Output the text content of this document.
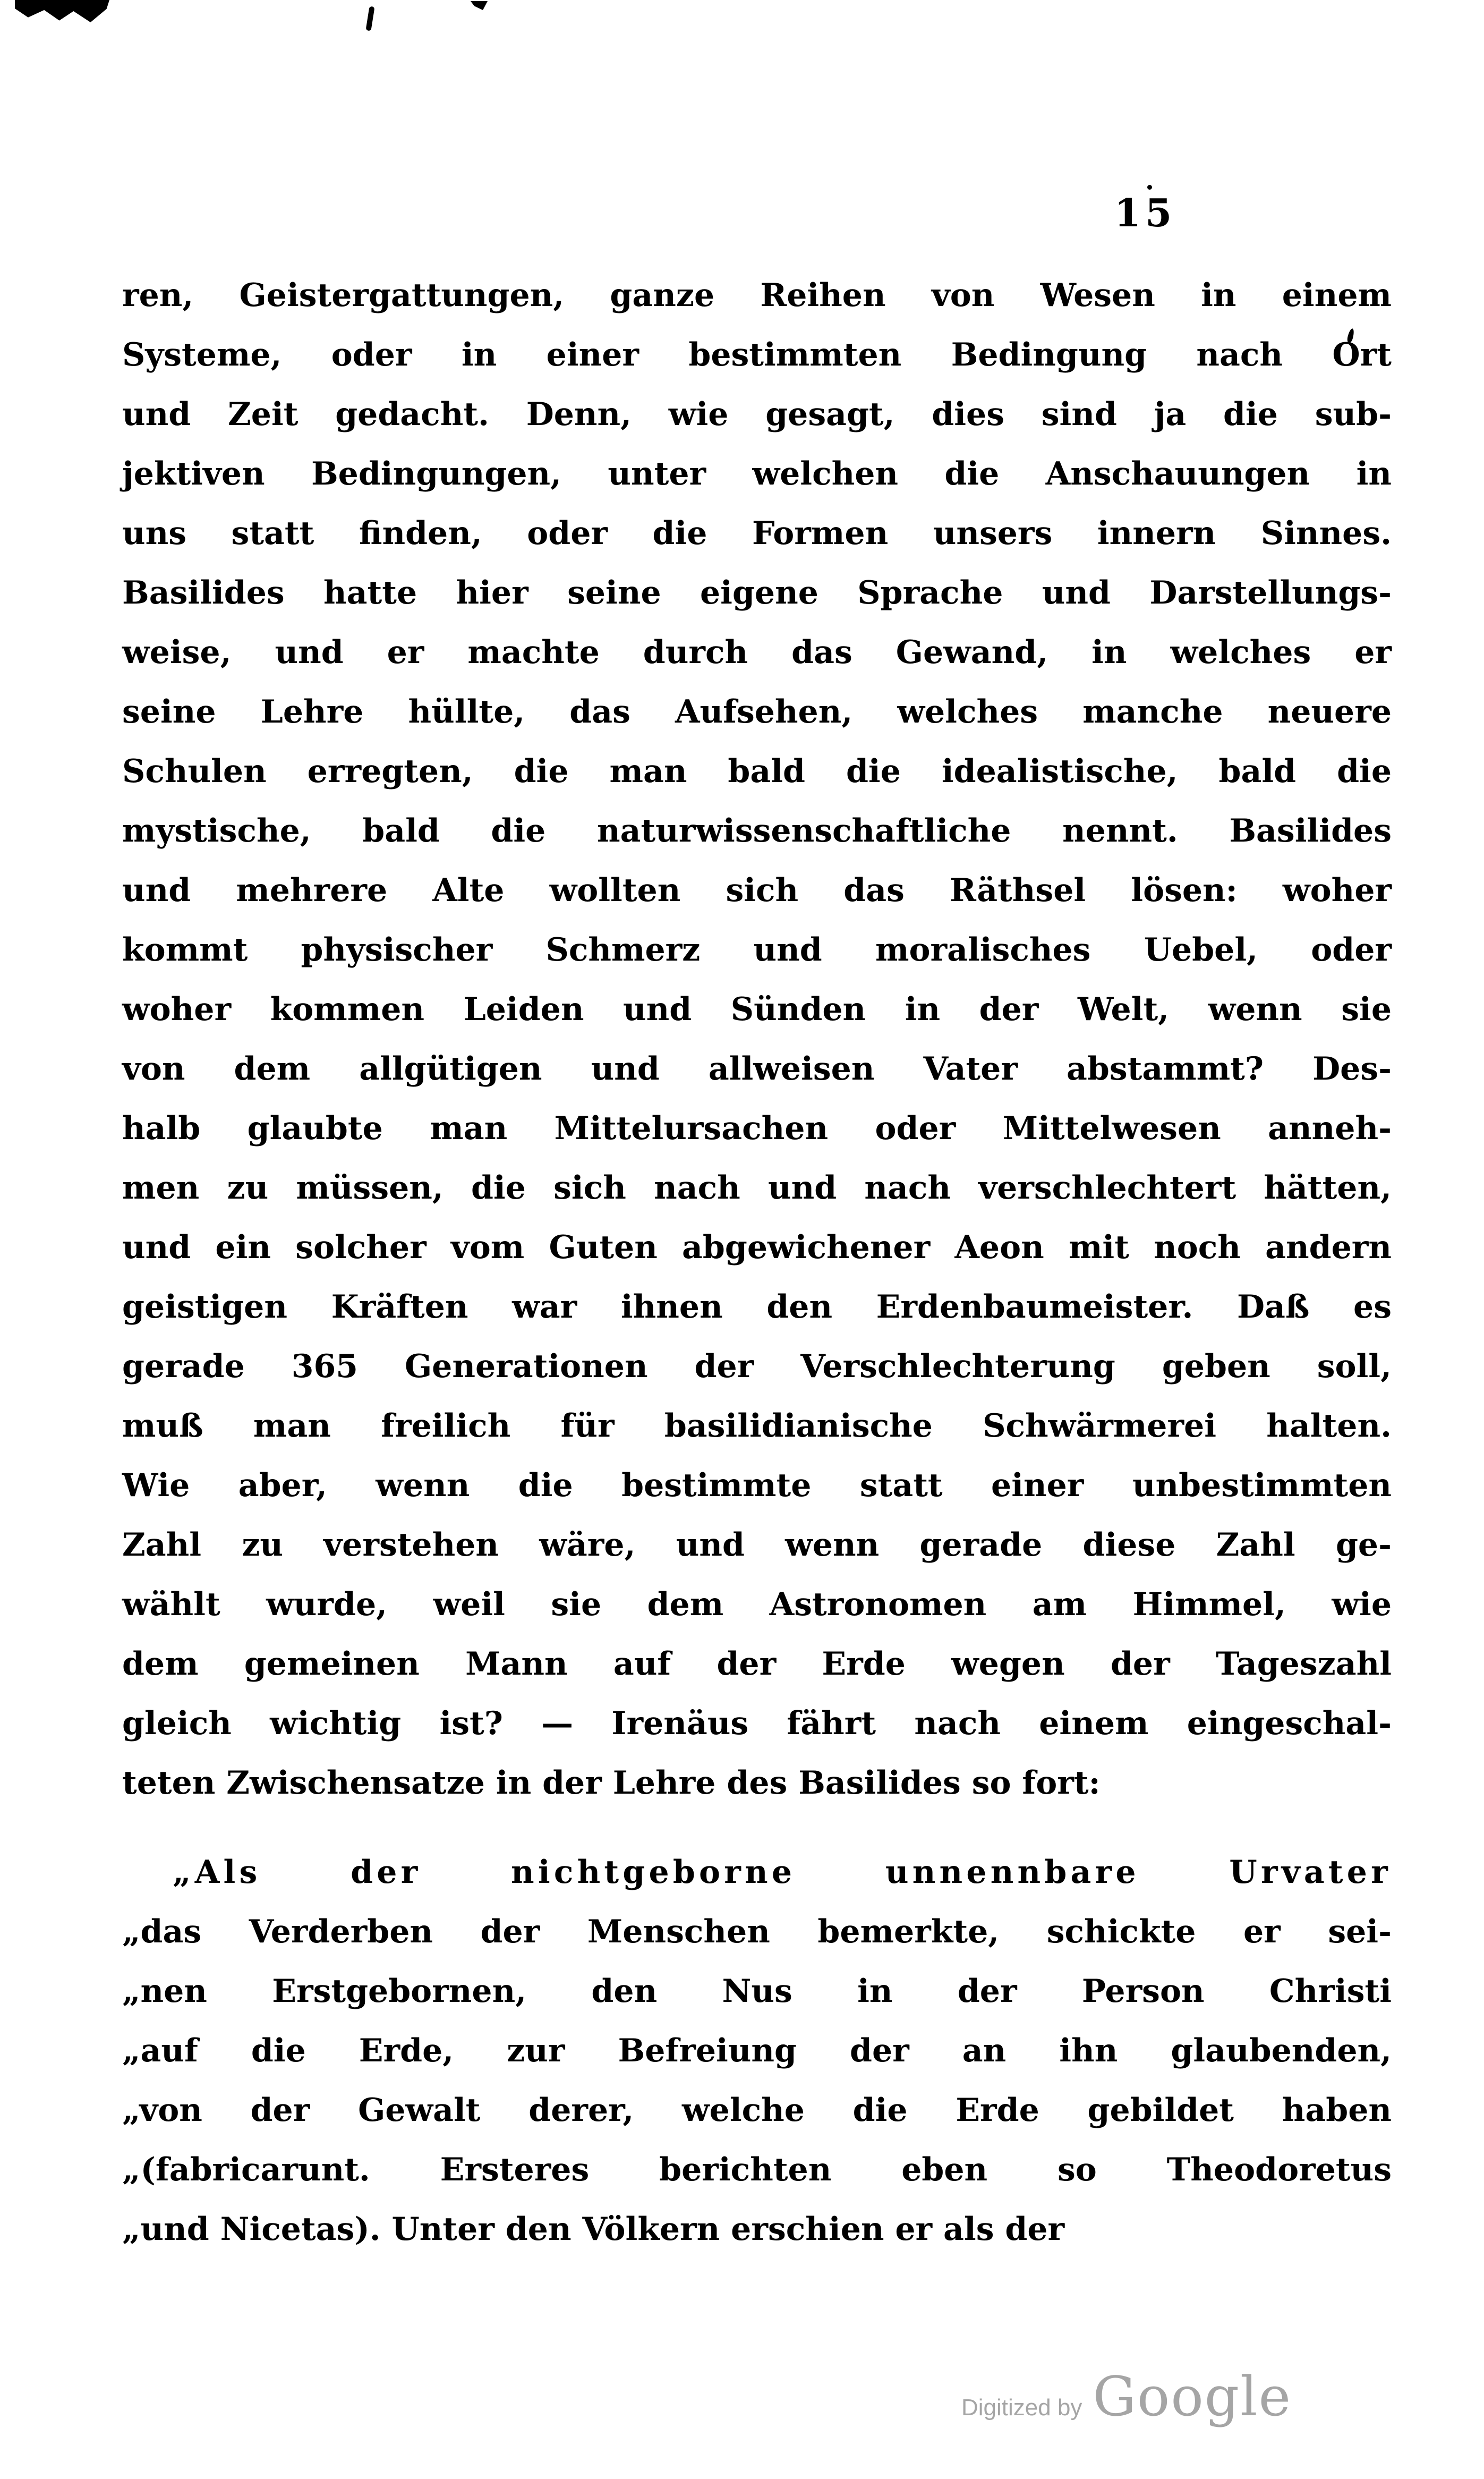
15
ren, Geistergattungen, ganze Reihen von Wesen in einem
Systeme, oder in einer bestimmten Bedingung nach Ort
und Zeit gedacht. Denn, wie gesagt, dies sind ja die sub-
jektiven Bedingungen, unter welchen die Anschauungen in
uns statt finden, oder die Formen unsers innern Sinnes.
Basilides hatte hier seine eigene Sprache und Darstellungs-
weise, und er machte durch das Gewand, in welches er
seine Lehre hüllte, das Aufsehen, welches manche neuere
Schulen erregten, die man bald die idealistische, bald die
mystische, bald die naturwissenschaftliche nennt. Basilides
und mehrere Alte wollten sich das Räthsel lösen: woher
kommt physischer Schmerz und moralisches Uebel, oder
woher kommen Leiden und Sünden in der Welt, wenn sie
von dem allgütigen und allweisen Vater abstammt? Des-
halb glaubte man Mittelursachen oder Mittelwesen anneh-
men zu müssen, die sich nach und nach verschlechtert hätten,
und ein solcher vom Guten abgewichener Aeon mit noch andern
geistigen Kräften war ihnen den Erdenbaumeister. Daß es
gerade 365 Generationen der Verschlechterung geben soll,
muß man freilich für basilidianische Schwärmerei halten.
Wie aber, wenn die bestimmte statt einer unbestimmten
Zahl zu verstehen wäre, und wenn gerade diese Zahl ge-
wählt wurde, weil sie dem Astronomen am Himmel, wie
dem gemeinen Mann auf der Erde wegen der Tageszahl
gleich wichtig ist? — Irenäus fährt nach einem eingeschal-
teten Zwischensatze in der Lehre des Basilides so fort:
„Als der nichtgeborne unnennbare Urvater
„das Verderben der Menschen bemerkte, schickte er sei-
„nen Erstgebornen, den Nus in der Person Christi
„auf die Erde, zur Befreiung der an ihn glaubenden,
„von der Gewalt derer, welche die Erde gebildet haben
„(fabricarunt. Ersteres berichten eben so Theodoretus
„und Nicetas). Unter den Völkern erschien er als der
Digitized by Google
